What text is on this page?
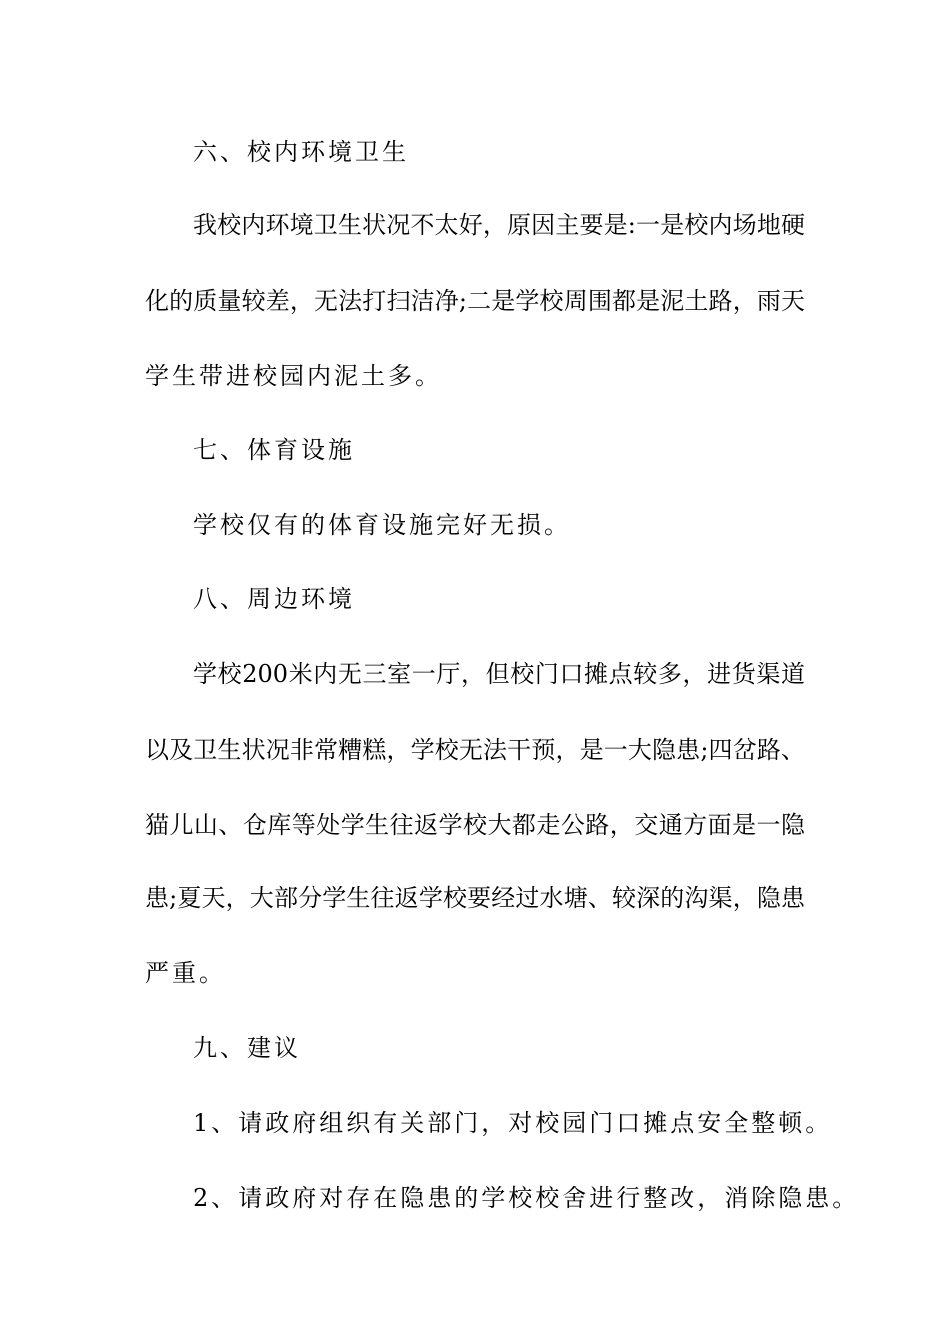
六、校内环境卫生
我校内环境卫生状况不太好，原因主要是:一是校内场地硬
化的质量较差，无法打扫洁净;二是学校周围都是泥土路，雨天
学生带进校园内泥土多。
七、体育设施
学校仅有的体育设施完好无损。
八、周边环境
学校200米内无三室一厅，但校门口摊点较多，进货渠道
以及卫生状况非常糟糕，学校无法干预，是一大隐患;四岔路、
猫儿山、仓库等处学生往返学校大都走公路，交通方面是一隐
患;夏天，大部分学生往返学校要经过水塘、较深的沟渠，隐患
严重。
九、建议
1、请政府组织有关部门，对校园门口摊点安全整顿。
2、请政府对存在隐患的学校校舍进行整改，消除隐患。
